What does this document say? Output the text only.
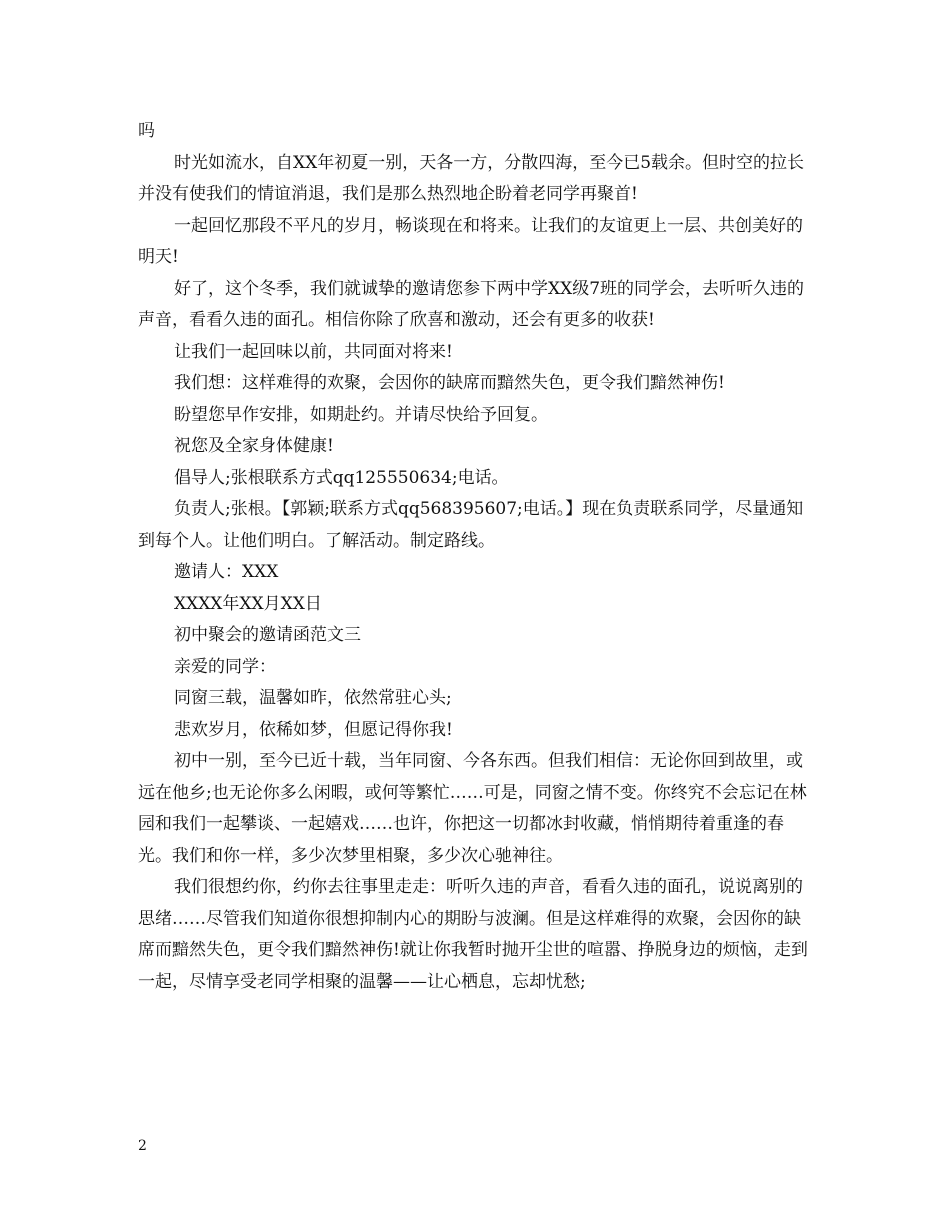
吗

时光如流水，自XX年初夏一别，天各一方，分散四海，至今已5载余。但时空的拉长并没有使我们的情谊消退，我们是那么热烈地企盼着老同学再聚首!

一起回忆那段不平凡的岁月，畅谈现在和将来。让我们的友谊更上一层、共创美好的明天!

好了，这个冬季，我们就诚挚的邀请您参下两中学XX级7班的同学会，去听听久违的声音，看看久违的面孔。相信你除了欣喜和激动，还会有更多的收获!

让我们一起回味以前，共同面对将来!

我们想：这样难得的欢聚，会因你的缺席而黯然失色，更令我们黯然神伤!

盼望您早作安排，如期赴约。并请尽快给予回复。

祝您及全家身体健康!

倡导人;张根联系方式qq125550634;电话。

负责人;张根。【郭颖;联系方式qq568395607;电话。】现在负责联系同学，尽量通知到每个人。让他们明白。了解活动。制定路线。

邀请人：XXX

XXXX年XX月XX日

初中聚会的邀请函范文三

亲爱的同学：

同窗三载，温馨如昨，依然常驻心头;

悲欢岁月，依稀如梦，但愿记得你我!

初中一别，至今已近十载，当年同窗、今各东西。但我们相信：无论你回到故里，或远在他乡;也无论你多么闲暇，或何等繁忙……可是，同窗之情不变。你终究不会忘记在林园和我们一起攀谈、一起嬉戏……也许，你把这一切都冰封收藏，悄悄期待着重逢的春光。我们和你一样，多少次梦里相聚，多少次心驰神往。

我们很想约你，约你去往事里走走：听听久违的声音，看看久违的面孔，说说离别的思绪……尽管我们知道你很想抑制内心的期盼与波澜。但是这样难得的欢聚，会因你的缺席而黯然失色，更令我们黯然神伤!就让你我暂时抛开尘世的喧嚣、挣脱身边的烦恼，走到一起，尽情享受老同学相聚的温馨——让心栖息，忘却忧愁;

2
